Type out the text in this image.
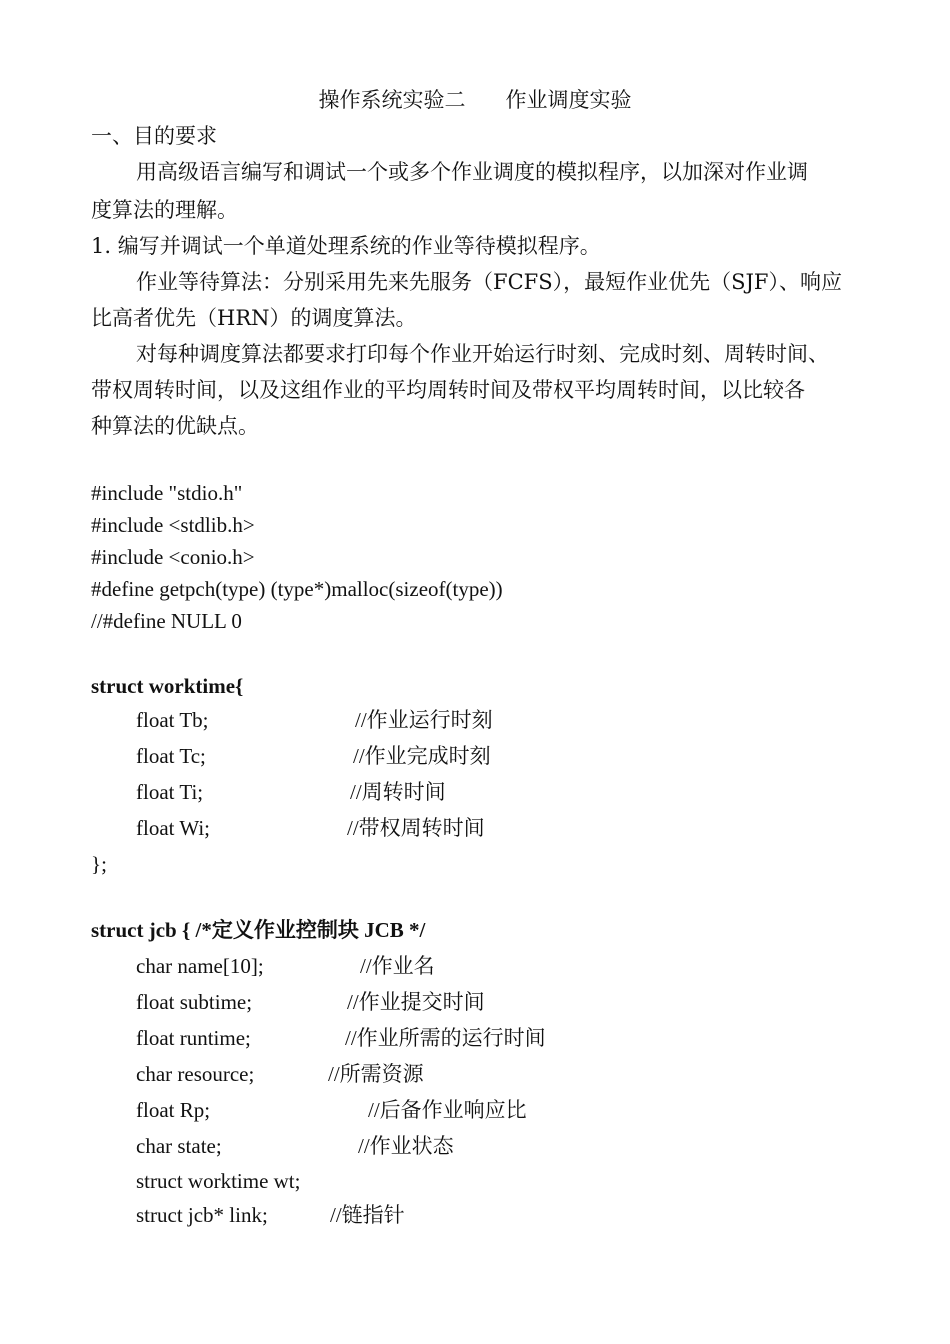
操作系统实验二      作业调度实验
一、目的要求
用高级语言编写和调试一个或多个作业调度的模拟程序，以加深对作业调
度算法的理解。
1. 编写并调试一个单道处理系统的作业等待模拟程序。
作业等待算法：分别采用先来先服务（FCFS），最短作业优先（SJF）、响应
比高者优先（HRN）的调度算法。
对每种调度算法都要求打印每个作业开始运行时刻、完成时刻、周转时间、
带权周转时间，以及这组作业的平均周转时间及带权平均周转时间，以比较各
种算法的优缺点。
#include "stdio.h"
#include <stdlib.h>
#include <conio.h>
#define getpch(type) (type*)malloc(sizeof(type))
//#define NULL 0
struct worktime{
float Tb;	//作业运行时刻
float Tc;	//作业完成时刻
float Ti;	//周转时间
float Wi;	//带权周转时间
};
struct jcb { /*定义作业控制块 JCB */
char name[10];	//作业名
float subtime;	//作业提交时间
float runtime;	//作业所需的运行时间
char resource;	//所需资源
float Rp;	//后备作业响应比
char state;	//作业状态
struct worktime wt;
struct jcb* link;	//链指针
